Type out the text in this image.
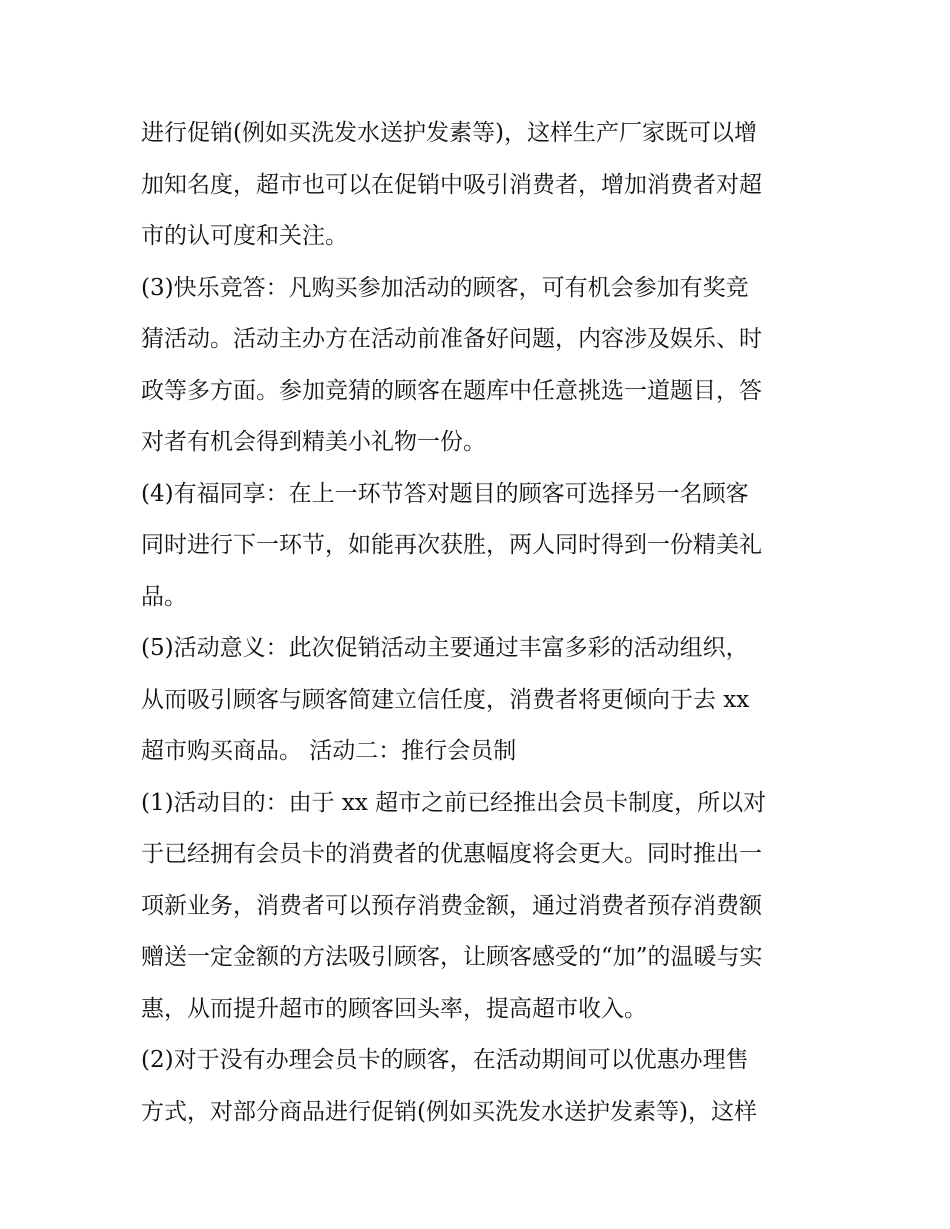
进行促销(例如买洗发水送护发素等)，这样生产厂家既可以增
加知名度，超市也可以在促销中吸引消费者，增加消费者对超
市的认可度和关注。
(3)快乐竞答：凡购买参加活动的顾客，可有机会参加有奖竞
猜活动。活动主办方在活动前准备好问题，内容涉及娱乐、时
政等多方面。参加竞猜的顾客在题库中任意挑选一道题目，答
对者有机会得到精美小礼物一份。
(4)有福同享：在上一环节答对题目的顾客可选择另一名顾客
同时进行下一环节，如能再次获胜，两人同时得到一份精美礼
品。
(5)活动意义：此次促销活动主要通过丰富多彩的活动组织，
从而吸引顾客与顾客简建立信任度，消费者将更倾向于去 xx
超市购买商品。 活动二：推行会员制
(1)活动目的：由于 xx 超市之前已经推出会员卡制度，所以对
于已经拥有会员卡的消费者的优惠幅度将会更大。同时推出一
项新业务，消费者可以预存消费金额，通过消费者预存消费额
赠送一定金额的方法吸引顾客，让顾客感受的“加”的温暖与实
惠，从而提升超市的顾客回头率，提高超市收入。
(2)对于没有办理会员卡的顾客，在活动期间可以优惠办理售
方式，对部分商品进行促销(例如买洗发水送护发素等)，这样
